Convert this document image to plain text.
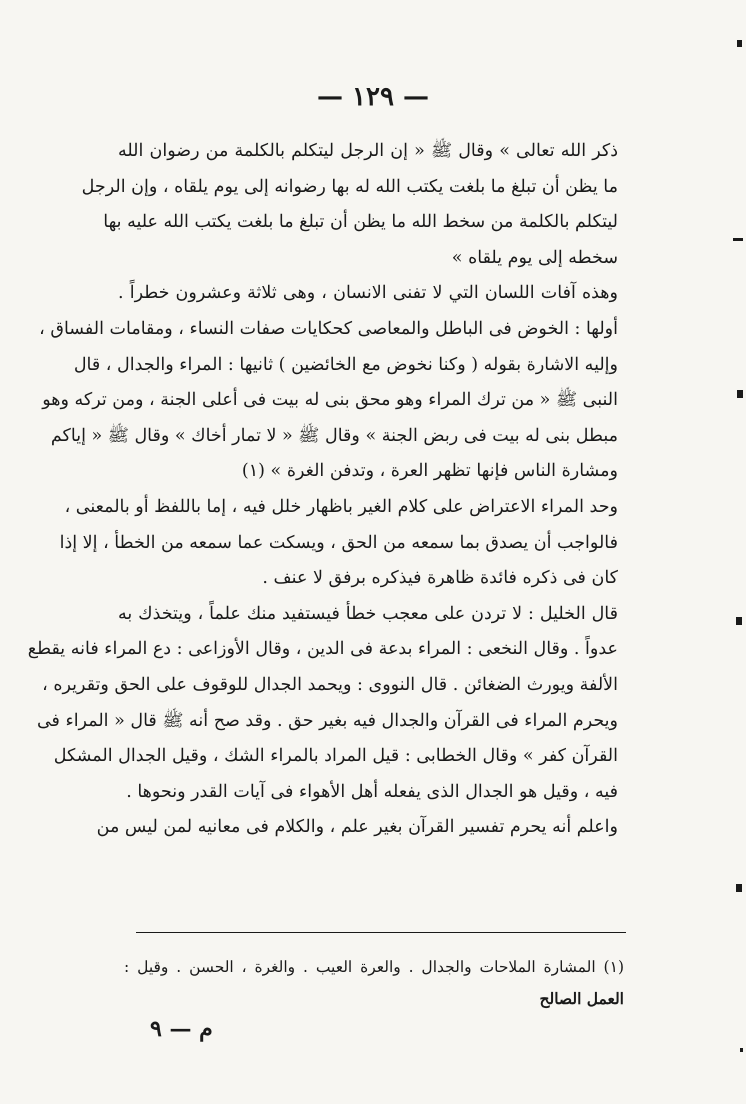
— ١٢٩ —
ذكر الله تعالى » وقال ﷺ « إن الرجل ليتكلم بالكلمة من رضوان الله
ما يظن أن تبلغ ما بلغت يكتب الله له بها رضوانه إلى يوم يلقاه ، وإن الرجل
ليتكلم بالكلمة من سخط الله ما يظن أن تبلغ ما بلغت يكتب الله عليه بها
سخطه إلى يوم يلقاه »
وهذه آفات اللسان التي لا تفنى الانسان ، وهى ثلاثة وعشرون خطراً .
أولها : الخوض فى الباطل والمعاصى كحكايات صفات النساء ، ومقامات الفساق ،
وإليه الاشارة بقوله ( وكنا نخوض مع الخائضين ) ثانيها : المراء والجدال ، قال
النبى ﷺ « من ترك المراء وهو محق بنى له بيت فى أعلى الجنة ، ومن تركه وهو
مبطل بنى له بيت فى ربض الجنة » وقال ﷺ « لا تمار أخاك » وقال ﷺ « إياكم
ومشارة الناس فإنها تظهر العرة ، وتدفن الغرة » (١)
وحد المراء الاعتراض على كلام الغير باظهار خلل فيه ، إما باللفظ أو بالمعنى ،
فالواجب أن يصدق بما سمعه من الحق ، ويسكت عما سمعه من الخطأ ، إلا إذا
كان فى ذكره فائدة ظاهرة فيذكره برفق لا عنف .
قال الخليل : لا تردن على معجب خطأ فيستفيد منك علماً ، ويتخذك به
عدواً . وقال النخعى : المراء بدعة فى الدين ، وقال الأوزاعى : دع المراء فانه يقطع
الألفة ويورث الضغائن . قال النووى : ويحمد الجدال للوقوف على الحق وتقريره ،
ويحرم المراء فى القرآن والجدال فيه بغير حق . وقد صح أنه ﷺ قال « المراء فى
القرآن كفر » وقال الخطابى : قيل المراد بالمراء الشك ، وقيل الجدال المشكل
فيه ، وقيل هو الجدال الذى يفعله أهل الأهواء فى آيات القدر ونحوها .
واعلم أنه يحرم تفسير القرآن بغير علم ، والكلام فى معانيه لمن ليس من
(١) المشارة الملاحات والجدال . والعرة العيب . والغرة ، الحسن . وقيل :
العمل الصالح
م — ٩
